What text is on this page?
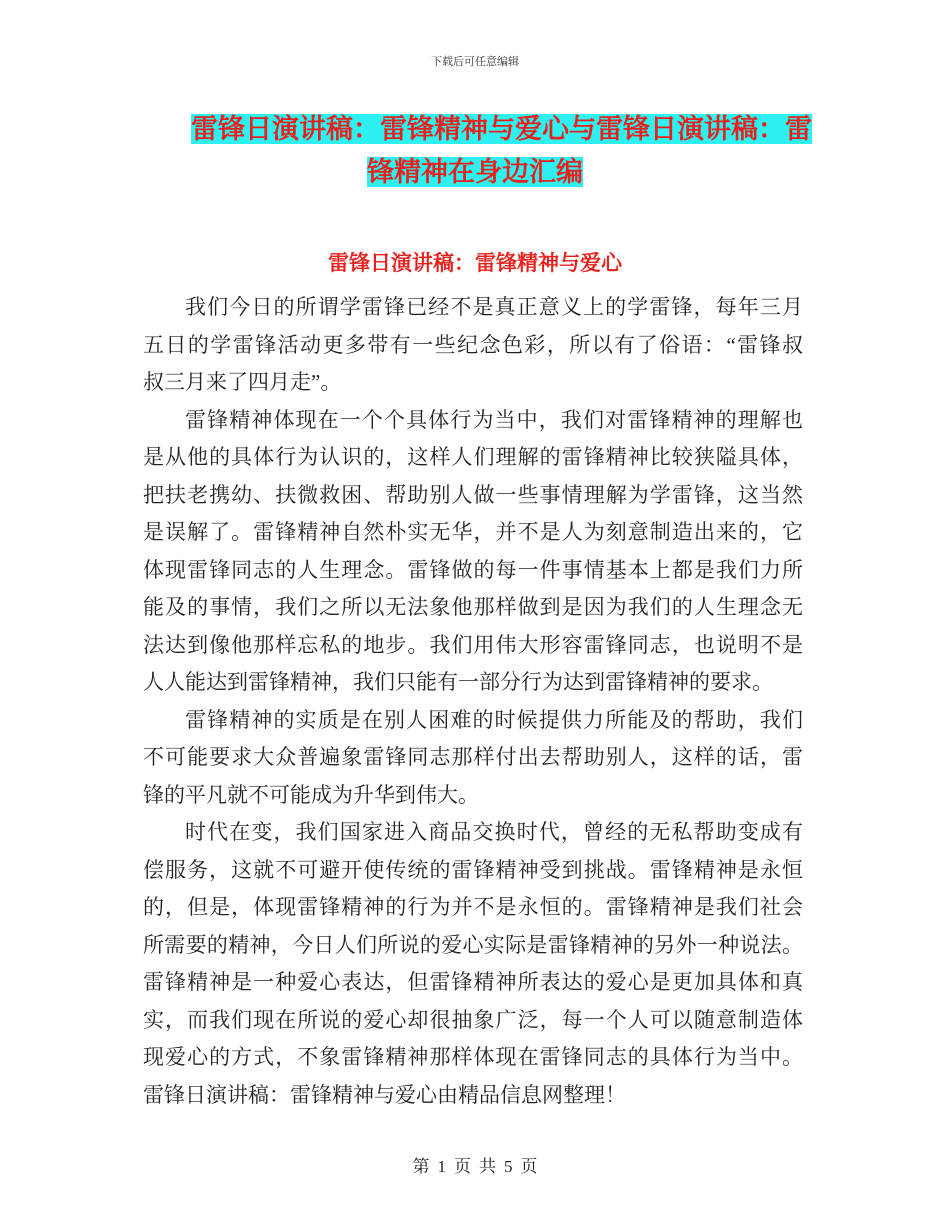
下载后可任意编辑
雷锋日演讲稿：雷锋精神与爱心与雷锋日演讲稿：雷
锋精神在身边汇编
雷锋日演讲稿：雷锋精神与爱心
我们今日的所谓学雷锋已经不是真正意义上的学雷锋，每年三月
五日的学雷锋活动更多带有一些纪念色彩，所以有了俗语：“雷锋叔
叔三月来了四月走”。
雷锋精神体现在一个个具体行为当中，我们对雷锋精神的理解也
是从他的具体行为认识的，这样人们理解的雷锋精神比较狭隘具体，
把扶老携幼、扶微救困、帮助别人做一些事情理解为学雷锋，这当然
是误解了。雷锋精神自然朴实无华，并不是人为刻意制造出来的，它
体现雷锋同志的人生理念。雷锋做的每一件事情基本上都是我们力所
能及的事情，我们之所以无法象他那样做到是因为我们的人生理念无
法达到像他那样忘私的地步。我们用伟大形容雷锋同志，也说明不是
人人能达到雷锋精神，我们只能有一部分行为达到雷锋精神的要求。
雷锋精神的实质是在别人困难的时候提供力所能及的帮助，我们
不可能要求大众普遍象雷锋同志那样付出去帮助别人，这样的话，雷
锋的平凡就不可能成为升华到伟大。
时代在变，我们国家进入商品交换时代，曾经的无私帮助变成有
偿服务，这就不可避开使传统的雷锋精神受到挑战。雷锋精神是永恒
的，但是，体现雷锋精神的行为并不是永恒的。雷锋精神是我们社会
所需要的精神，今日人们所说的爱心实际是雷锋精神的另外一种说法。
雷锋精神是一种爱心表达，但雷锋精神所表达的爱心是更加具体和真
实，而我们现在所说的爱心却很抽象广泛，每一个人可以随意制造体
现爱心的方式，不象雷锋精神那样体现在雷锋同志的具体行为当中。
雷锋日演讲稿：雷锋精神与爱心由精品信息网整理！
第 1 页 共 5 页
